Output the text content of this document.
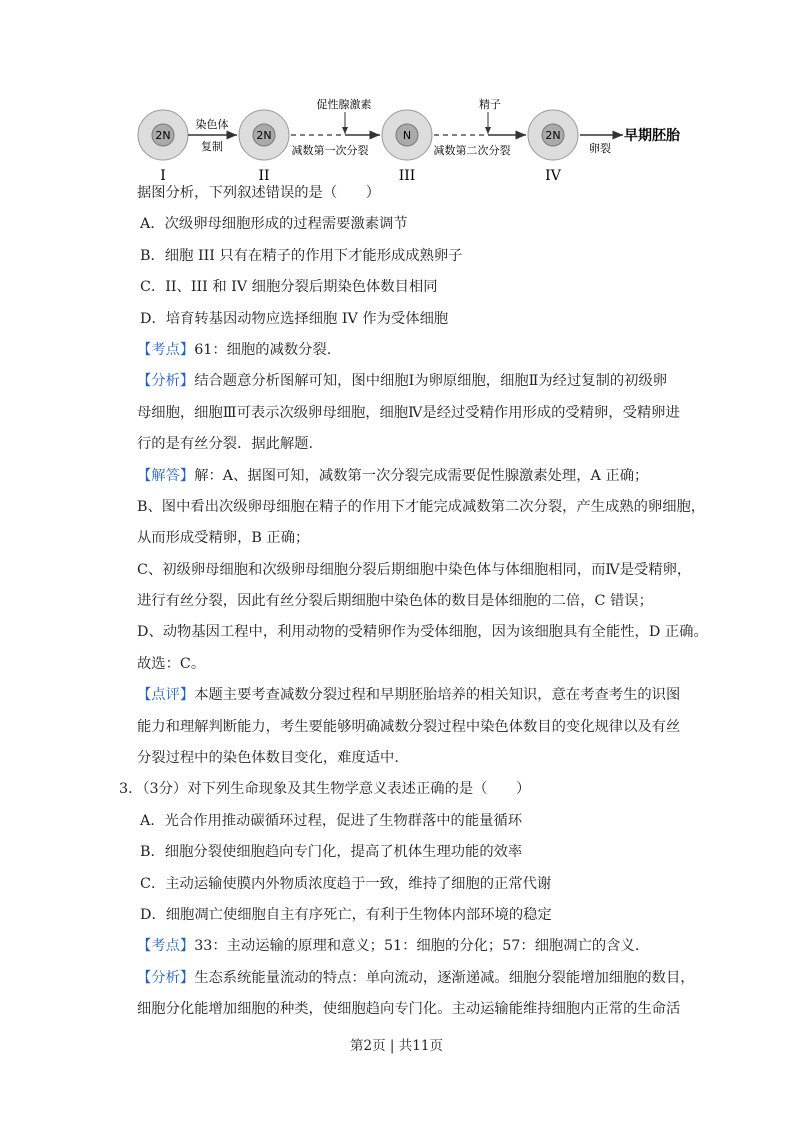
2N
I
2N
II
N
III
2N
IV
染色体
复制
促性腺激素
减数第一次分裂
精子
减数第二次分裂	卵裂
早期胚胎
据图分析，下列叙述错误的是（　　）
A．次级卵母细胞形成的过程需要激素调节
B．细胞 III 只有在精子的作用下才能形成成熟卵子
C．II、III 和 IV 细胞分裂后期染色体数目相同
D．培育转基因动物应选择细胞 IV 作为受体细胞
【考点】61：细胞的减数分裂.
【分析】结合题意分析图解可知，图中细胞Ⅰ为卵原细胞，细胞Ⅱ为经过复制的初级卵
母细胞，细胞Ⅲ可表示次级卵母细胞，细胞Ⅳ是经过受精作用形成的受精卵，受精卵进
行的是有丝分裂．据此解题.
【解答】解：A、据图可知，减数第一次分裂完成需要促性腺激素处理，A 正确；
B、图中看出次级卵母细胞在精子的作用下才能完成减数第二次分裂，产生成熟的卵细胞，
从而形成受精卵，B 正确；
C、初级卵母细胞和次级卵母细胞分裂后期细胞中染色体与体细胞相同，而Ⅳ是受精卵，
进行有丝分裂，因此有丝分裂后期细胞中染色体的数目是体细胞的二倍，C 错误；
D、动物基因工程中，利用动物的受精卵作为受体细胞，因为该细胞具有全能性，D 正确。
故选：C。
【点评】本题主要考查减数分裂过程和早期胚胎培养的相关知识，意在考查考生的识图
能力和理解判断能力，考生要能够明确减数分裂过程中染色体数目的变化规律以及有丝
分裂过程中的染色体数目变化，难度适中.
3．（3分）对下列生命现象及其生物学意义表述正确的是（　　）
A．光合作用推动碳循环过程，促进了生物群落中的能量循环
B．细胞分裂使细胞趋向专门化，提高了机体生理功能的效率
C．主动运输使膜内外物质浓度趋于一致，维持了细胞的正常代谢
D．细胞凋亡使细胞自主有序死亡，有利于生物体内部环境的稳定
【考点】33：主动运输的原理和意义；51：细胞的分化；57：细胞凋亡的含义.
【分析】生态系统能量流动的特点：单向流动，逐渐递减。细胞分裂能增加细胞的数目，
细胞分化能增加细胞的种类，使细胞趋向专门化。主动运输能维持细胞内正常的生命活
第2页 | 共11页
